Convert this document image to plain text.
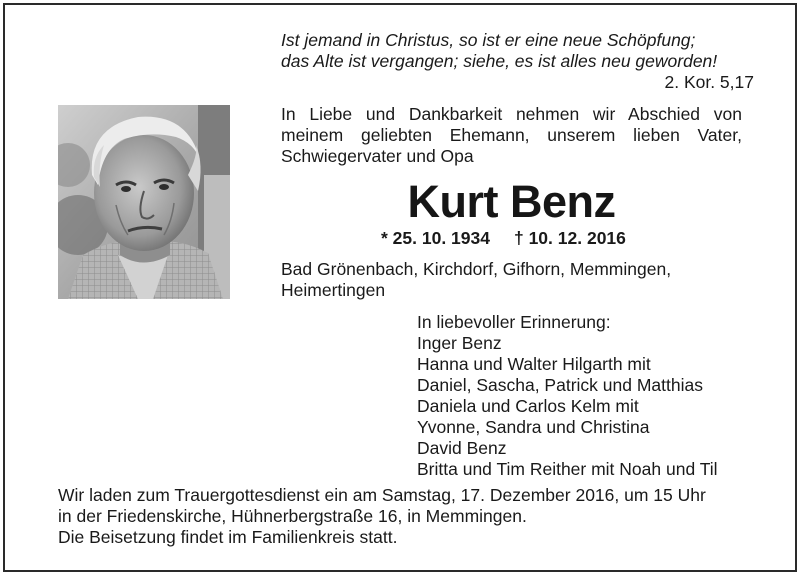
Ist jemand in Christus, so ist er eine neue Schöpfung;
das Alte ist vergangen; siehe, es ist alles neu geworden!
2. Kor. 5,17
In Liebe und Dankbarkeit nehmen wir Abschied von
meinem geliebten Ehemann, unserem lieben Vater,
Schwiegervater und Opa
Kurt Benz
* 25. 10. 1934 † 10. 12. 2016
Bad Grönenbach, Kirchdorf, Gifhorn, Memmingen,
Heimertingen
In liebevoller Erinnerung:
Inger Benz
Hanna und Walter Hilgarth mit
Daniel, Sascha, Patrick und Matthias
Daniela und Carlos Kelm mit
Yvonne, Sandra und Christina
David Benz
Britta und Tim Reither mit Noah und Til
Wir laden zum Trauergottesdienst ein am Samstag, 17. Dezember 2016, um 15 Uhr
in der Friedenskirche, Hühnerbergstraße 16, in Memmingen.
Die Beisetzung findet im Familienkreis statt.
